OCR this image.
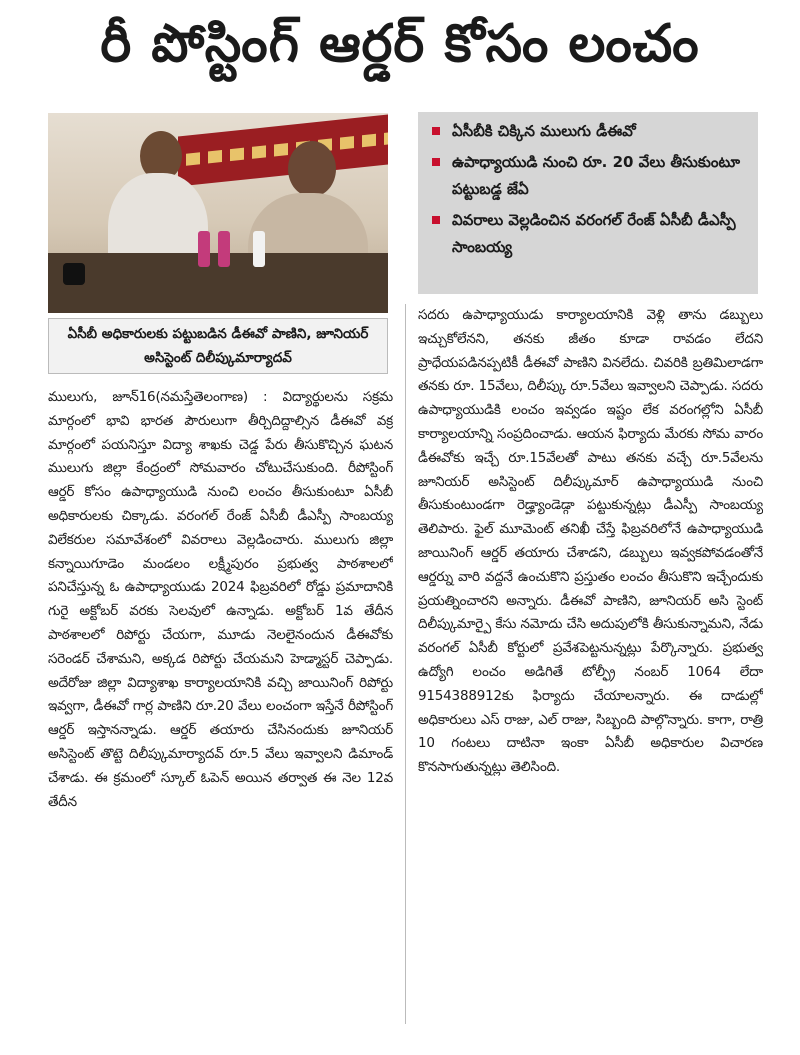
రీ పోస్టింగ్ ఆర్డర్ కోసం లంచం
ఏసీబీకి చిక్కిన ములుగు డీఈవో
ఉపాధ్యాయుడి నుంచి రూ. 20 వేలు తీసుకుంటూ పట్టుబడ్డ జేఏ
వివరాలు వెల్లడించిన వరంగల్ రేంజ్ ఏసీబీ డీఎస్పీ సాంబయ్య
ఏసీబీ అధికారులకు పట్టుబడిన డీఈవో పాణిని, జూనియర్ అసిస్టెంట్ దిలీప్కుమార్యాదవ్

ములుగు, జూన్16(నమస్తేతెలంగాణ) : విద్యార్థులను సక్రమ మార్గంలో భావి భారత పౌరులుగా తీర్చిదిద్దాల్సిన డీఈవో వక్ర మార్గంలో పయనిస్తూ విద్యా శాఖకు చెడ్డ పేరు తీసుకొచ్చిన ఘటన ములుగు జిల్లా కేంద్రంలో సోమవారం చోటుచేసుకుంది. రీపోస్టింగ్ ఆర్డర్ కోసం ఉపాధ్యాయుడి నుంచి లంచం తీసుకుంటూ ఏసీబీ అధికారులకు చిక్కాడు. వరంగల్ రేంజ్ ఏసీబీ డీఎస్పీ సాంబయ్య విలేకరుల సమావేశంలో వివరాలు వెల్లడించారు. ములుగు జిల్లా కన్నాయిగూడెం మండలం లక్ష్మీపురం ప్రభుత్వ పాఠశాలలో పనిచేస్తున్న ఓ ఉపాధ్యాయుడు 2024 ఫిబ్రవరిలో రోడ్డు ప్రమాదానికి గురై అక్టోబర్ వరకు సెలవులో ఉన్నాడు. అక్టోబర్ 1వ తేదీన పాఠశాలలో రిపోర్టు చేయగా, మూడు నెలలైనందున డీఈవోకు సరెండర్ చేశామని, అక్కడ రిపోర్టు చేయమని హెడ్మాస్టర్ చెప్పాడు. అదేరోజు జిల్లా విద్యాశాఖ కార్యాలయానికి వచ్చి జాయినింగ్ రిపోర్టు ఇవ్వగా, డీఈవో గార్ల పాణిని రూ.20 వేలు లంచంగా ఇస్తేనే రీపోస్టింగ్ ఆర్డర్ ఇస్తానన్నాడు. ఆర్డర్ తయారు చేసినందుకు జూనియర్ అసిస్టెంట్ తొట్టె దిలీప్కుమార్యాదవ్ రూ.5 వేలు ఇవ్వాలని డిమాండ్ చేశాడు. ఈ క్రమంలో స్కూల్ ఓపెన్ అయిన తర్వాత ఈ నెల 12వ తేదీన

సదరు ఉపాధ్యాయుడు కార్యాలయానికి వెళ్లి తాను డబ్బులు ఇచ్చుకోలేనని, తనకు జీతం కూడా రావడం లేదని ప్రాధేయపడినప్పటికీ డీఈవో పాణిని వినలేదు. చివరికి బ్రతిమిలాడగా తనకు రూ. 15వేలు, దిలీప్కు రూ.5వేలు ఇవ్వాలని చెప్పాడు. సదరు ఉపాధ్యాయుడికి లంచం ఇవ్వడం ఇష్టం లేక వరంగల్లోని ఏసీబీ కార్యాలయాన్ని సంప్రదించాడు. ఆయన ఫిర్యాదు మేరకు సోమ వారం డీఈవోకు ఇచ్చే రూ.15వేలతో పాటు తనకు వచ్చే రూ.5వేలను జూనియర్ అసిస్టెంట్ దిలీప్కుమార్ ఉపాధ్యాయుడి నుంచి తీసుకుంటుండగా రెడ్హ్యాండెడ్గా పట్టుకున్నట్లు డీఎస్పీ సాంబయ్య తెలిపారు. ఫైల్ మూమెంట్ తనిఖీ చేస్తే ఫిబ్రవరిలోనే ఉపాధ్యాయుడి జాయినింగ్ ఆర్డర్ తయారు చేశాడని, డబ్బులు ఇవ్వకపోవడంతోనే ఆర్డర్ను వారి వద్దనే ఉంచుకొని ప్రస్తుతం లంచం తీసుకొని ఇచ్చేందుకు ప్రయత్నించారని అన్నారు. డీఈవో పాణిని, జూనియర్ అసి స్టెంట్ దిలీప్కుమార్పై కేసు నమోదు చేసి అదుపులోకి తీసుకున్నామని, నేడు వరంగల్ ఏసీబీ కోర్టులో ప్రవేశపెట్టనున్నట్లు పేర్కొన్నారు. ప్రభుత్వ ఉద్యోగి లంచం అడిగితే టోల్ఫ్రీ నంబర్ 1064 లేదా 9154388912కు ఫిర్యాదు చేయాలన్నారు. ఈ దాడుల్లో అధికారులు ఎస్ రాజు, ఎల్ రాజు, సిబ్బంది పాల్గొన్నారు. కాగా, రాత్రి 10 గంటలు దాటినా ఇంకా ఏసీబీ అధికారుల విచారణ కొనసాగుతున్నట్లు తెలిసింది.
